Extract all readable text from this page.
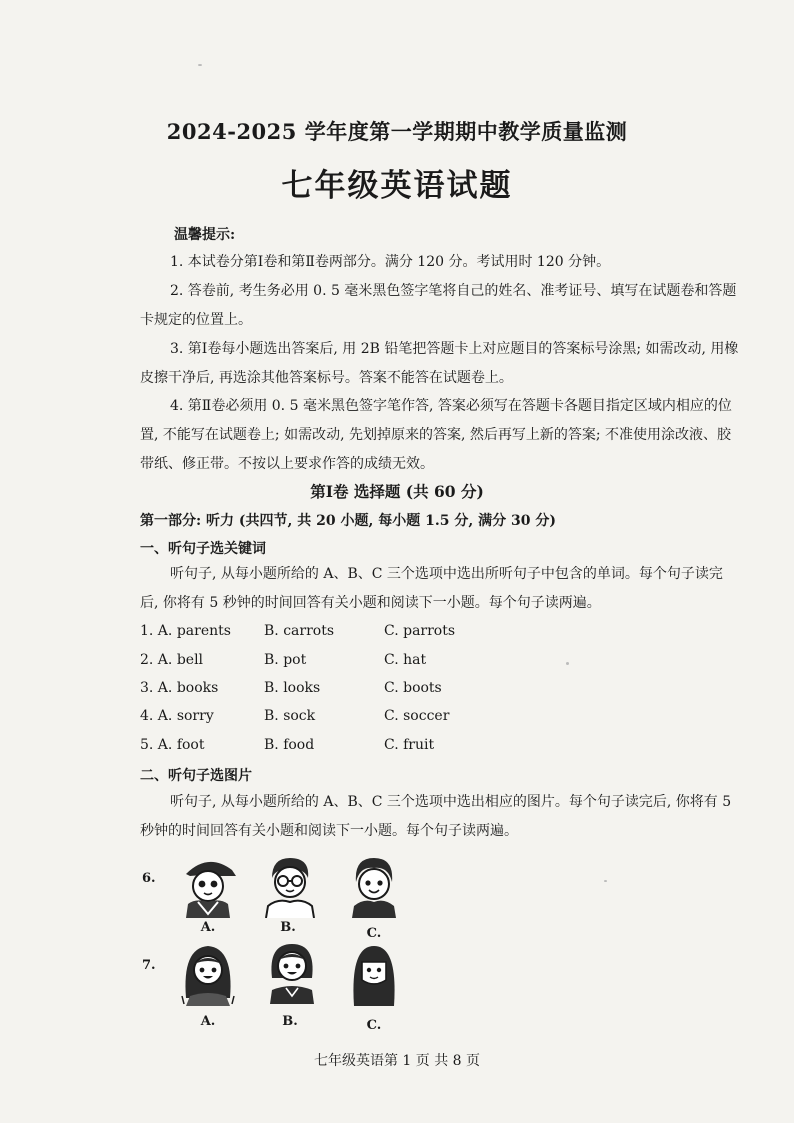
2024-2025 学年度第一学期期中教学质量监测
七年级英语试题
温馨提示:
1. 本试卷分第Ⅰ卷和第Ⅱ卷两部分。满分 120 分。考试用时 120 分钟。
2. 答卷前, 考生务必用 0. 5 毫米黑色签字笔将自己的姓名、准考证号、填写在试题卷和答题卡规定的位置上。
3. 第Ⅰ卷每小题选出答案后, 用 2B 铅笔把答题卡上对应题目的答案标号涂黑; 如需改动, 用橡皮擦干净后, 再选涂其他答案标号。答案不能答在试题卷上。
4. 第Ⅱ卷必须用 0. 5 毫米黑色签字笔作答, 答案必须写在答题卡各题目指定区域内相应的位置, 不能写在试题卷上; 如需改动, 先划掉原来的答案, 然后再写上新的答案; 不准使用涂改液、胶带纸、修正带。不按以上要求作答的成绩无效。
第Ⅰ卷 选择题 (共 60 分)
第一部分: 听力 (共四节, 共 20 小题, 每小题 1.5 分, 满分 30 分)
一、听句子选关键词
听句子, 从每小题所给的 A、B、C 三个选项中选出所听句子中包含的单词。每个句子读完后, 你将有 5 秒钟的时间回答有关小题和阅读下一小题。每个句子读两遍。
1. A. parents B. carrots	C. parrots
2. A. bell	B. pot	C. hat
3. A. books	B. looks	C. boots
4. A. sorry	B. sock	C. soccer
5. A. foot	B. food	C. fruit
二、听句子选图片
听句子, 从每小题所给的 A、B、C 三个选项中选出相应的图片。每个句子读完后, 你将有 5 秒钟的时间回答有关小题和阅读下一小题。每个句子读两遍。
6.
A.	B.	C.
7.
A.	B.	C.
七年级英语第 1 页 共 8 页
